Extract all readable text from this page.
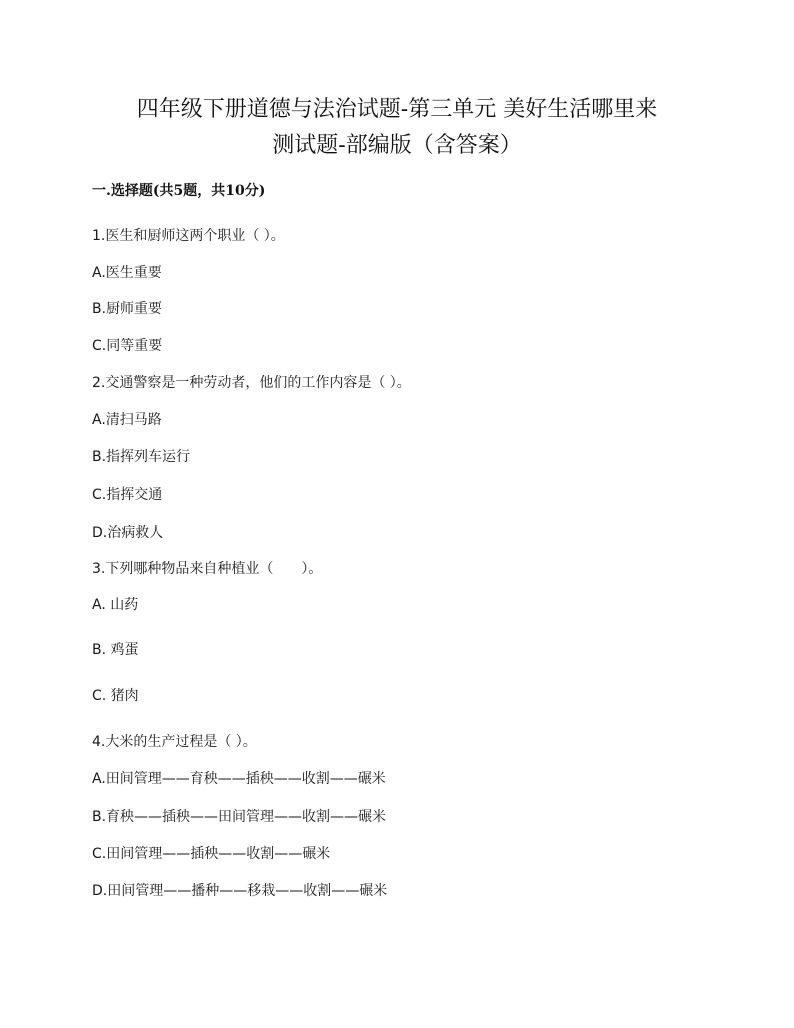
四年级下册道德与法治试题-第三单元 美好生活哪里来
测试题-部编版（含答案）
一.选择题(共5题，共10分)
1.医生和厨师这两个职业（ ）。
A.医生重要
B.厨师重要
C.同等重要
2.交通警察是一种劳动者，他们的工作内容是（ ）。
A.清扫马路
B.指挥列车运行
C.指挥交通
D.治病救人
3.下列哪种物品来自种植业（　　）。
A. 山药
B. 鸡蛋
C. 猪肉
4.大米的生产过程是（ ）。
A.田间管理——育秧——插秧——收割——碾米
B.育秧——插秧——田间管理——收割——碾米
C.田间管理——插秧——收割——碾米
D.田间管理——播种——移栽——收割——碾米
